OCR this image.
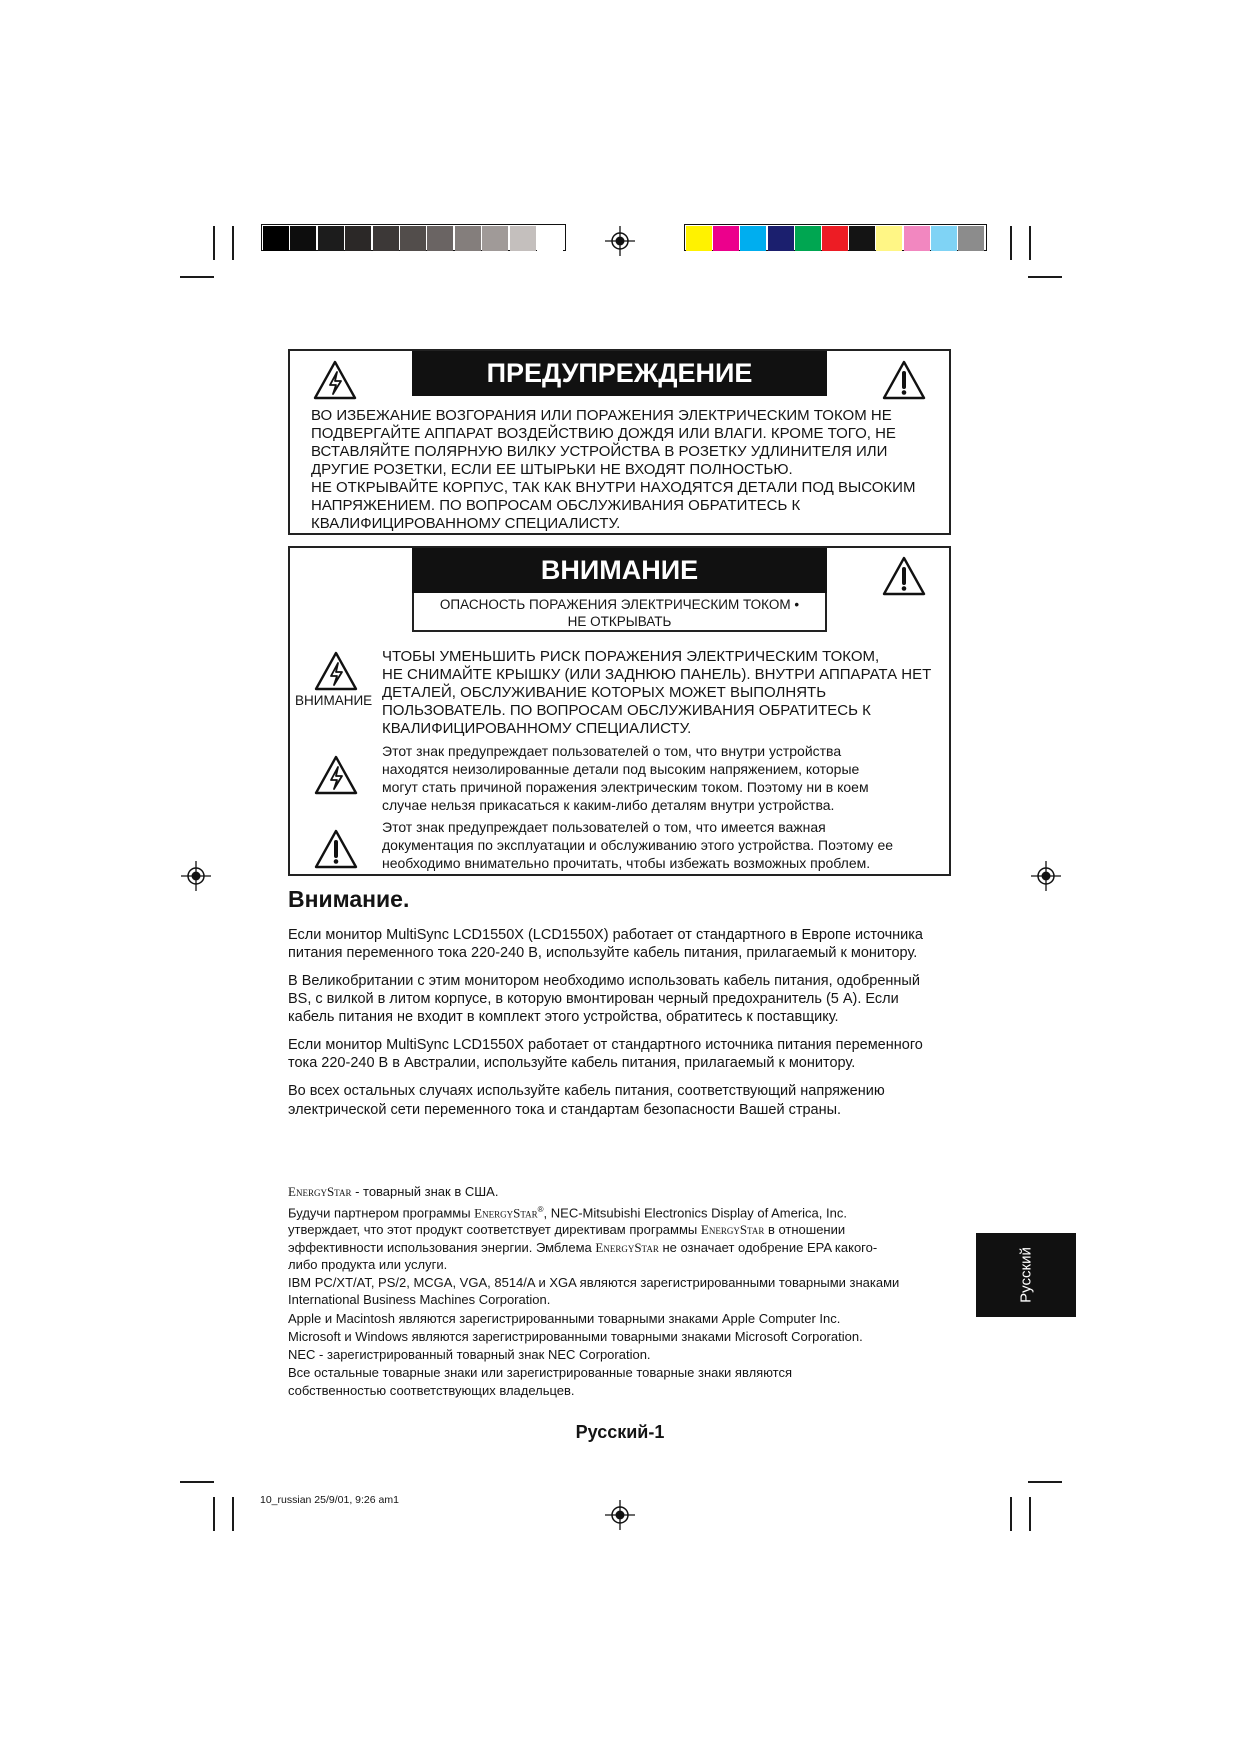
ПРЕДУПРЕЖДЕНИЕ
ВО ИЗБЕЖАНИЕ ВОЗГОРАНИЯ ИЛИ ПОРАЖЕНИЯ ЭЛЕКТРИЧЕСКИМ ТОКОМ НЕ
ПОДВЕРГАЙТЕ АППАРАТ ВОЗДЕЙСТВИЮ ДОЖДЯ ИЛИ ВЛАГИ. КРОМЕ ТОГО, НЕ
ВСТАВЛЯЙТЕ ПОЛЯРНУЮ ВИЛКУ УСТРОЙСТВА В РОЗЕТКУ УДЛИНИТЕЛЯ ИЛИ
ДРУГИЕ РОЗЕТКИ, ЕСЛИ ЕЕ ШТЫРЬКИ НЕ ВХОДЯТ ПОЛНОСТЬЮ.
НЕ ОТКРЫВАЙТЕ КОРПУС, ТАК КАК ВНУТРИ НАХОДЯТСЯ ДЕТАЛИ ПОД ВЫСОКИМ
НАПРЯЖЕНИЕМ. ПО ВОПРОСАМ ОБСЛУЖИВАНИЯ ОБРАТИТЕСЬ К
КВАЛИФИЦИРОВАННОМУ СПЕЦИАЛИСТУ.
ВНИМАНИЕ
ОПАСНОСТЬ ПОРАЖЕНИЯ ЭЛЕКТРИЧЕСКИМ ТОКОМ •
НЕ ОТКРЫВАТЬ
ВНИМАНИЕ
ЧТОБЫ УМЕНЬШИТЬ РИСК ПОРАЖЕНИЯ ЭЛЕКТРИЧЕСКИМ ТОКОМ,
НЕ СНИМАЙТЕ КРЫШКУ (ИЛИ ЗАДНЮЮ ПАНЕЛЬ). ВНУТРИ АППАРАТА НЕТ
ДЕТАЛЕЙ, ОБСЛУЖИВАНИЕ КОТОРЫХ МОЖЕТ ВЫПОЛНЯТЬ
ПОЛЬЗОВАТЕЛЬ. ПО ВОПРОСАМ ОБСЛУЖИВАНИЯ ОБРАТИТЕСЬ К
КВАЛИФИЦИРОВАННОМУ СПЕЦИАЛИСТУ.
Этот знак предупреждает пользователей о том, что внутри устройства
находятся неизолированные детали под высоким напряжением, которые
могут стать причиной поражения электрическим током. Поэтому ни в коем
случае нельзя прикасаться к каким-либо деталям внутри устройства.
Этот знак предупреждает пользователей о том, что имеется важная
документация по эксплуатации и обслуживанию этого устройства. Поэтому ее
необходимо внимательно прочитать, чтобы избежать возможных проблем.
Внимание.
Если монитор MultiSync LCD1550X (LCD1550X) работает от стандартного в Европе источника
питания переменного тока 220-240 В, используйте кабель питания, прилагаемый к монитору.
В Великобритании с этим монитором необходимо использовать кабель питания, одобренный
BS, с вилкой в литом корпусе, в которую вмонтирован черный предохранитель (5 А). Если
кабель питания не входит в комплект этого устройства, обратитесь к поставщику.
Если монитор MultiSync LCD1550X работает от стандартного источника питания переменного
тока 220-240 В в Австралии, используйте кабель питания, прилагаемый к монитору.
Во всех остальных случаях используйте кабель питания, соответствующий напряжению
электрической сети переменного тока и стандартам безопасности Вашей страны.
EnergyStar - товарный знак в США.
Будучи партнером программы EnergyStar®, NEC-Mitsubishi Electronics Display of America, Inc.
утверждает, что этот продукт соответствует директивам программы EnergyStar в отношении
эффективности использования энергии. Эмблема EnergyStar не означает одобрение EPA какого-
либо продукта или услуги.
IBM PC/XT/AT, PS/2, MCGA, VGA, 8514/A и XGA являются зарегистрированными товарными знаками
International Business Machines Corporation.
Apple и Macintosh являются зарегистрированными товарными знаками Apple Computer Inc.
Microsoft и Windows являются зарегистрированными товарными знаками Microsoft Corporation.
NEC - зарегистрированный товарный знак NEC Corporation.
Все остальные товарные знаки или зарегистрированные товарные знаки являются
собственностью соответствующих владельцев.
Русский
Русский-1
10_russian 25/9/01, 9:26 am1
